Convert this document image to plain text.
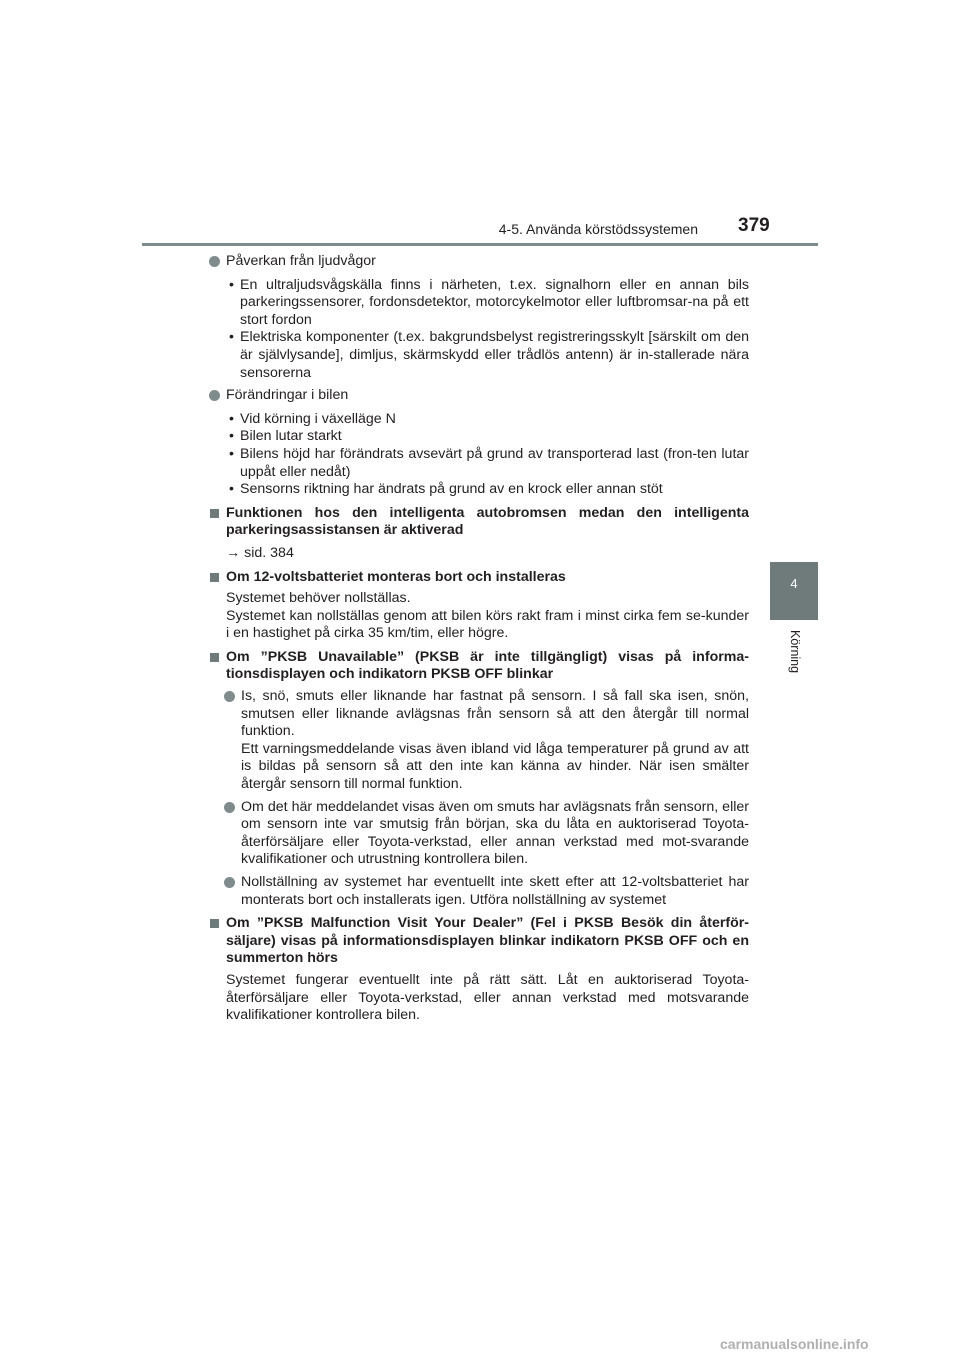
4-5. Använda körstödssystemen 379
4
Körning
Påverkan från ljudvågor
• En ultraljudsvågskälla finns i närheten, t.ex. signalhorn eller en annan bils parkeringssensorer, fordonsdetektor, motorcykelmotor eller luftbromsar-na på ett stort fordon
• Elektriska komponenter (t.ex. bakgrundsbelyst registreringsskylt [särskilt om den är självlysande], dimljus, skärmskydd eller trådlös antenn) är in-stallerade nära sensorerna
Förändringar i bilen
• Vid körning i växelläge N
• Bilen lutar starkt
• Bilens höjd har förändrats avsevärt på grund av transporterad last (fron-ten lutar uppåt eller nedåt)
• Sensorns riktning har ändrats på grund av en krock eller annan stöt
Funktionen hos den intelligenta autobromsen medan den intelligenta parkeringsassistansen är aktiverad
→ sid. 384
Om 12-voltsbatteriet monteras bort och installeras
Systemet behöver nollställas.
Systemet kan nollställas genom att bilen körs rakt fram i minst cirka fem se-kunder i en hastighet på cirka 35 km/tim, eller högre.
Om ”PKSB Unavailable” (PKSB är inte tillgängligt) visas på informa-tionsdisplayen och indikatorn PKSB OFF blinkar
Is, snö, smuts eller liknande har fastnat på sensorn. I så fall ska isen, snön, smutsen eller liknande avlägsnas från sensorn så att den återgår till normal funktion.
Ett varningsmeddelande visas även ibland vid låga temperaturer på grund av att is bildas på sensorn så att den inte kan känna av hinder. När isen smälter återgår sensorn till normal funktion.
Om det här meddelandet visas även om smuts har avlägsnats från sensorn, eller om sensorn inte var smutsig från början, ska du låta en auktoriserad Toyota-återförsäljare eller Toyota-verkstad, eller annan verkstad med mot-svarande kvalifikationer och utrustning kontrollera bilen.
Nollställning av systemet har eventuellt inte skett efter att 12-voltsbatteriet har monterats bort och installerats igen. Utföra nollställning av systemet
Om ”PKSB Malfunction Visit Your Dealer” (Fel i PKSB Besök din återför-säljare) visas på informationsdisplayen blinkar indikatorn PKSB OFF och en summerton hörs
Systemet fungerar eventuellt inte på rätt sätt. Låt en auktoriserad Toyota-återförsäljare eller Toyota-verkstad, eller annan verkstad med motsvarande kvalifikationer kontrollera bilen.
carmanualsonline.info
